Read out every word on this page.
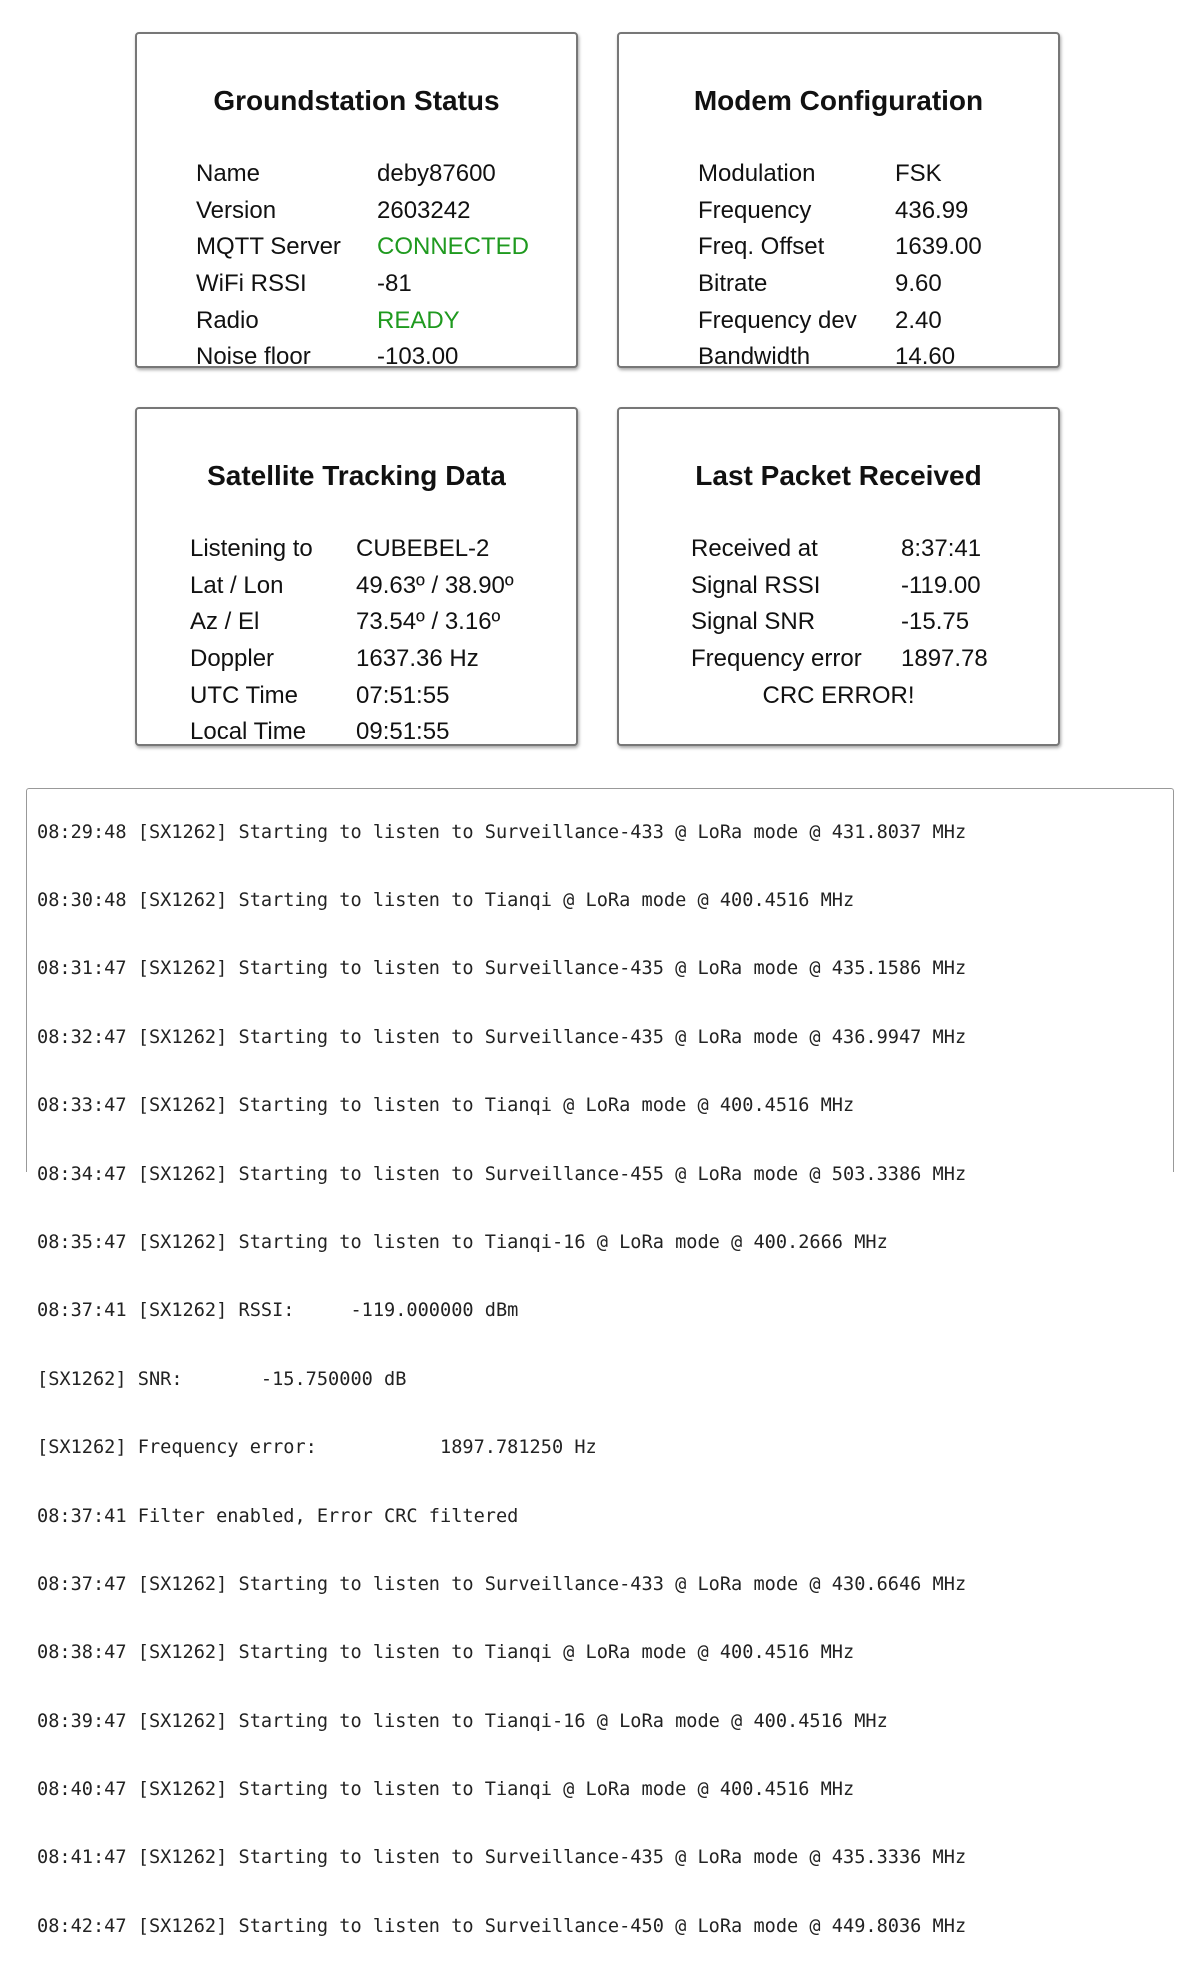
Groundstation Status
Name	deby87600
Version	2603242
MQTT Server	CONNECTED
WiFi RSSI	-81
Radio	READY
Noise floor	-103.00
Modem Configuration
Modulation	FSK
Frequency	436.99
Freq. Offset	1639.00
Bitrate	9.60
Frequency dev	2.40
Bandwidth	14.60
Satellite Tracking Data
Listening to	CUBEBEL-2
Lat / Lon	49.63º / 38.90º
Az / El	73.54º / 3.16º
Doppler	1637.36 Hz
UTC Time	07:51:55
Local Time	09:51:55
Last Packet Received
Received at	8:37:41
Signal RSSI	-119.00
Signal SNR	-15.75
Frequency error	1897.78
CRC ERROR!

08:29:48 [SX1262] Starting to listen to Surveillance-433 @ LoRa mode @ 431.8037 MHz

08:30:48 [SX1262] Starting to listen to Tianqi @ LoRa mode @ 400.4516 MHz

08:31:47 [SX1262] Starting to listen to Surveillance-435 @ LoRa mode @ 435.1586 MHz

08:32:47 [SX1262] Starting to listen to Surveillance-435 @ LoRa mode @ 436.9947 MHz

08:33:47 [SX1262] Starting to listen to Tianqi @ LoRa mode @ 400.4516 MHz

08:34:47 [SX1262] Starting to listen to Surveillance-455 @ LoRa mode @ 503.3386 MHz

08:35:47 [SX1262] Starting to listen to Tianqi-16 @ LoRa mode @ 400.2666 MHz

08:37:41 [SX1262] RSSI:     -119.000000 dBm

[SX1262] SNR:       -15.750000 dB

[SX1262] Frequency error:           1897.781250 Hz

08:37:41 Filter enabled, Error CRC filtered

08:37:47 [SX1262] Starting to listen to Surveillance-433 @ LoRa mode @ 430.6646 MHz

08:38:47 [SX1262] Starting to listen to Tianqi @ LoRa mode @ 400.4516 MHz

08:39:47 [SX1262] Starting to listen to Tianqi-16 @ LoRa mode @ 400.4516 MHz

08:40:47 [SX1262] Starting to listen to Tianqi @ LoRa mode @ 400.4516 MHz

08:41:47 [SX1262] Starting to listen to Surveillance-435 @ LoRa mode @ 435.3336 MHz

08:42:47 [SX1262] Starting to listen to Surveillance-450 @ LoRa mode @ 449.8036 MHz
